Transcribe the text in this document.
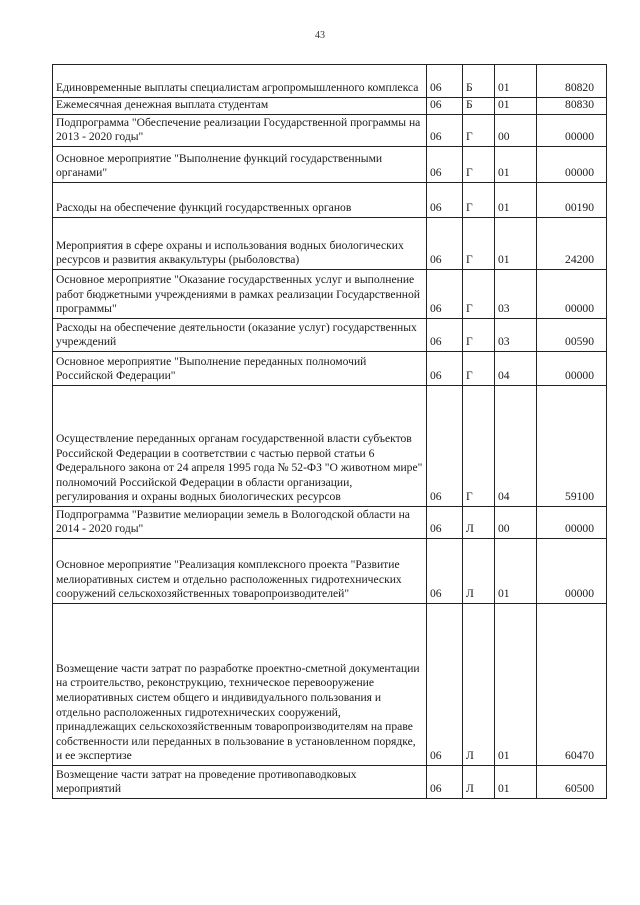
43
Единовременные выплаты специалистам агропромышленного комплекса	06	Б	01	80820
Ежемесячная денежная выплата студентам	06	Б	01	80830
Подпрограмма "Обеспечение реализации Государственной программы на 2013 - 2020 годы"	06	Г	00	00000
Основное мероприятие "Выполнение функций государственными органами"	06	Г	01	00000
Расходы на обеспечение функций государственных органов	06	Г	01	00190
Мероприятия в сфере охраны и использования водных биологических ресурсов и развития аквакультуры (рыболовства)	06	Г	01	24200
Основное мероприятие "Оказание государственных услуг и выполнение работ бюджетными учреждениями в рамках реализации Государственной программы"	06	Г	03	00000
Расходы на обеспечение деятельности (оказание услуг) государственных учреждений	06	Г	03	00590
Основное мероприятие "Выполнение переданных полномочий Российской Федерации"	06	Г	04	00000
Осуществление переданных органам государственной власти субъектов Российской Федерации в соответствии с частью первой статьи 6 Федерального закона от 24 апреля 1995 года № 52-ФЗ "О животном мире" полномочий Российской Федерации в области организации, регулирования и охраны водных биологических ресурсов	06	Г	04	59100
Подпрограмма "Развитие мелиорации земель в Вологодской области на 2014 - 2020 годы"	06	Л	00	00000
Основное мероприятие "Реализация комплексного проекта "Развитие мелиоративных систем и отдельно расположенных гидротехнических сооружений сельскохозяйственных товаропроизводителей"	06	Л	01	00000
Возмещение части затрат по разработке проектно-сметной документации на строительство, реконструкцию, техническое перевооружение мелиоративных систем общего и индивидуального пользования и отдельно расположенных гидротехнических сооружений, принадлежащих сельскохозяйственным товаропроизводителям на праве собственности или переданных в пользование в установленном порядке, и ее экспертизе	06	Л	01	60470
Возмещение части затрат на проведение противопаводковых мероприятий	06	Л	01	60500
